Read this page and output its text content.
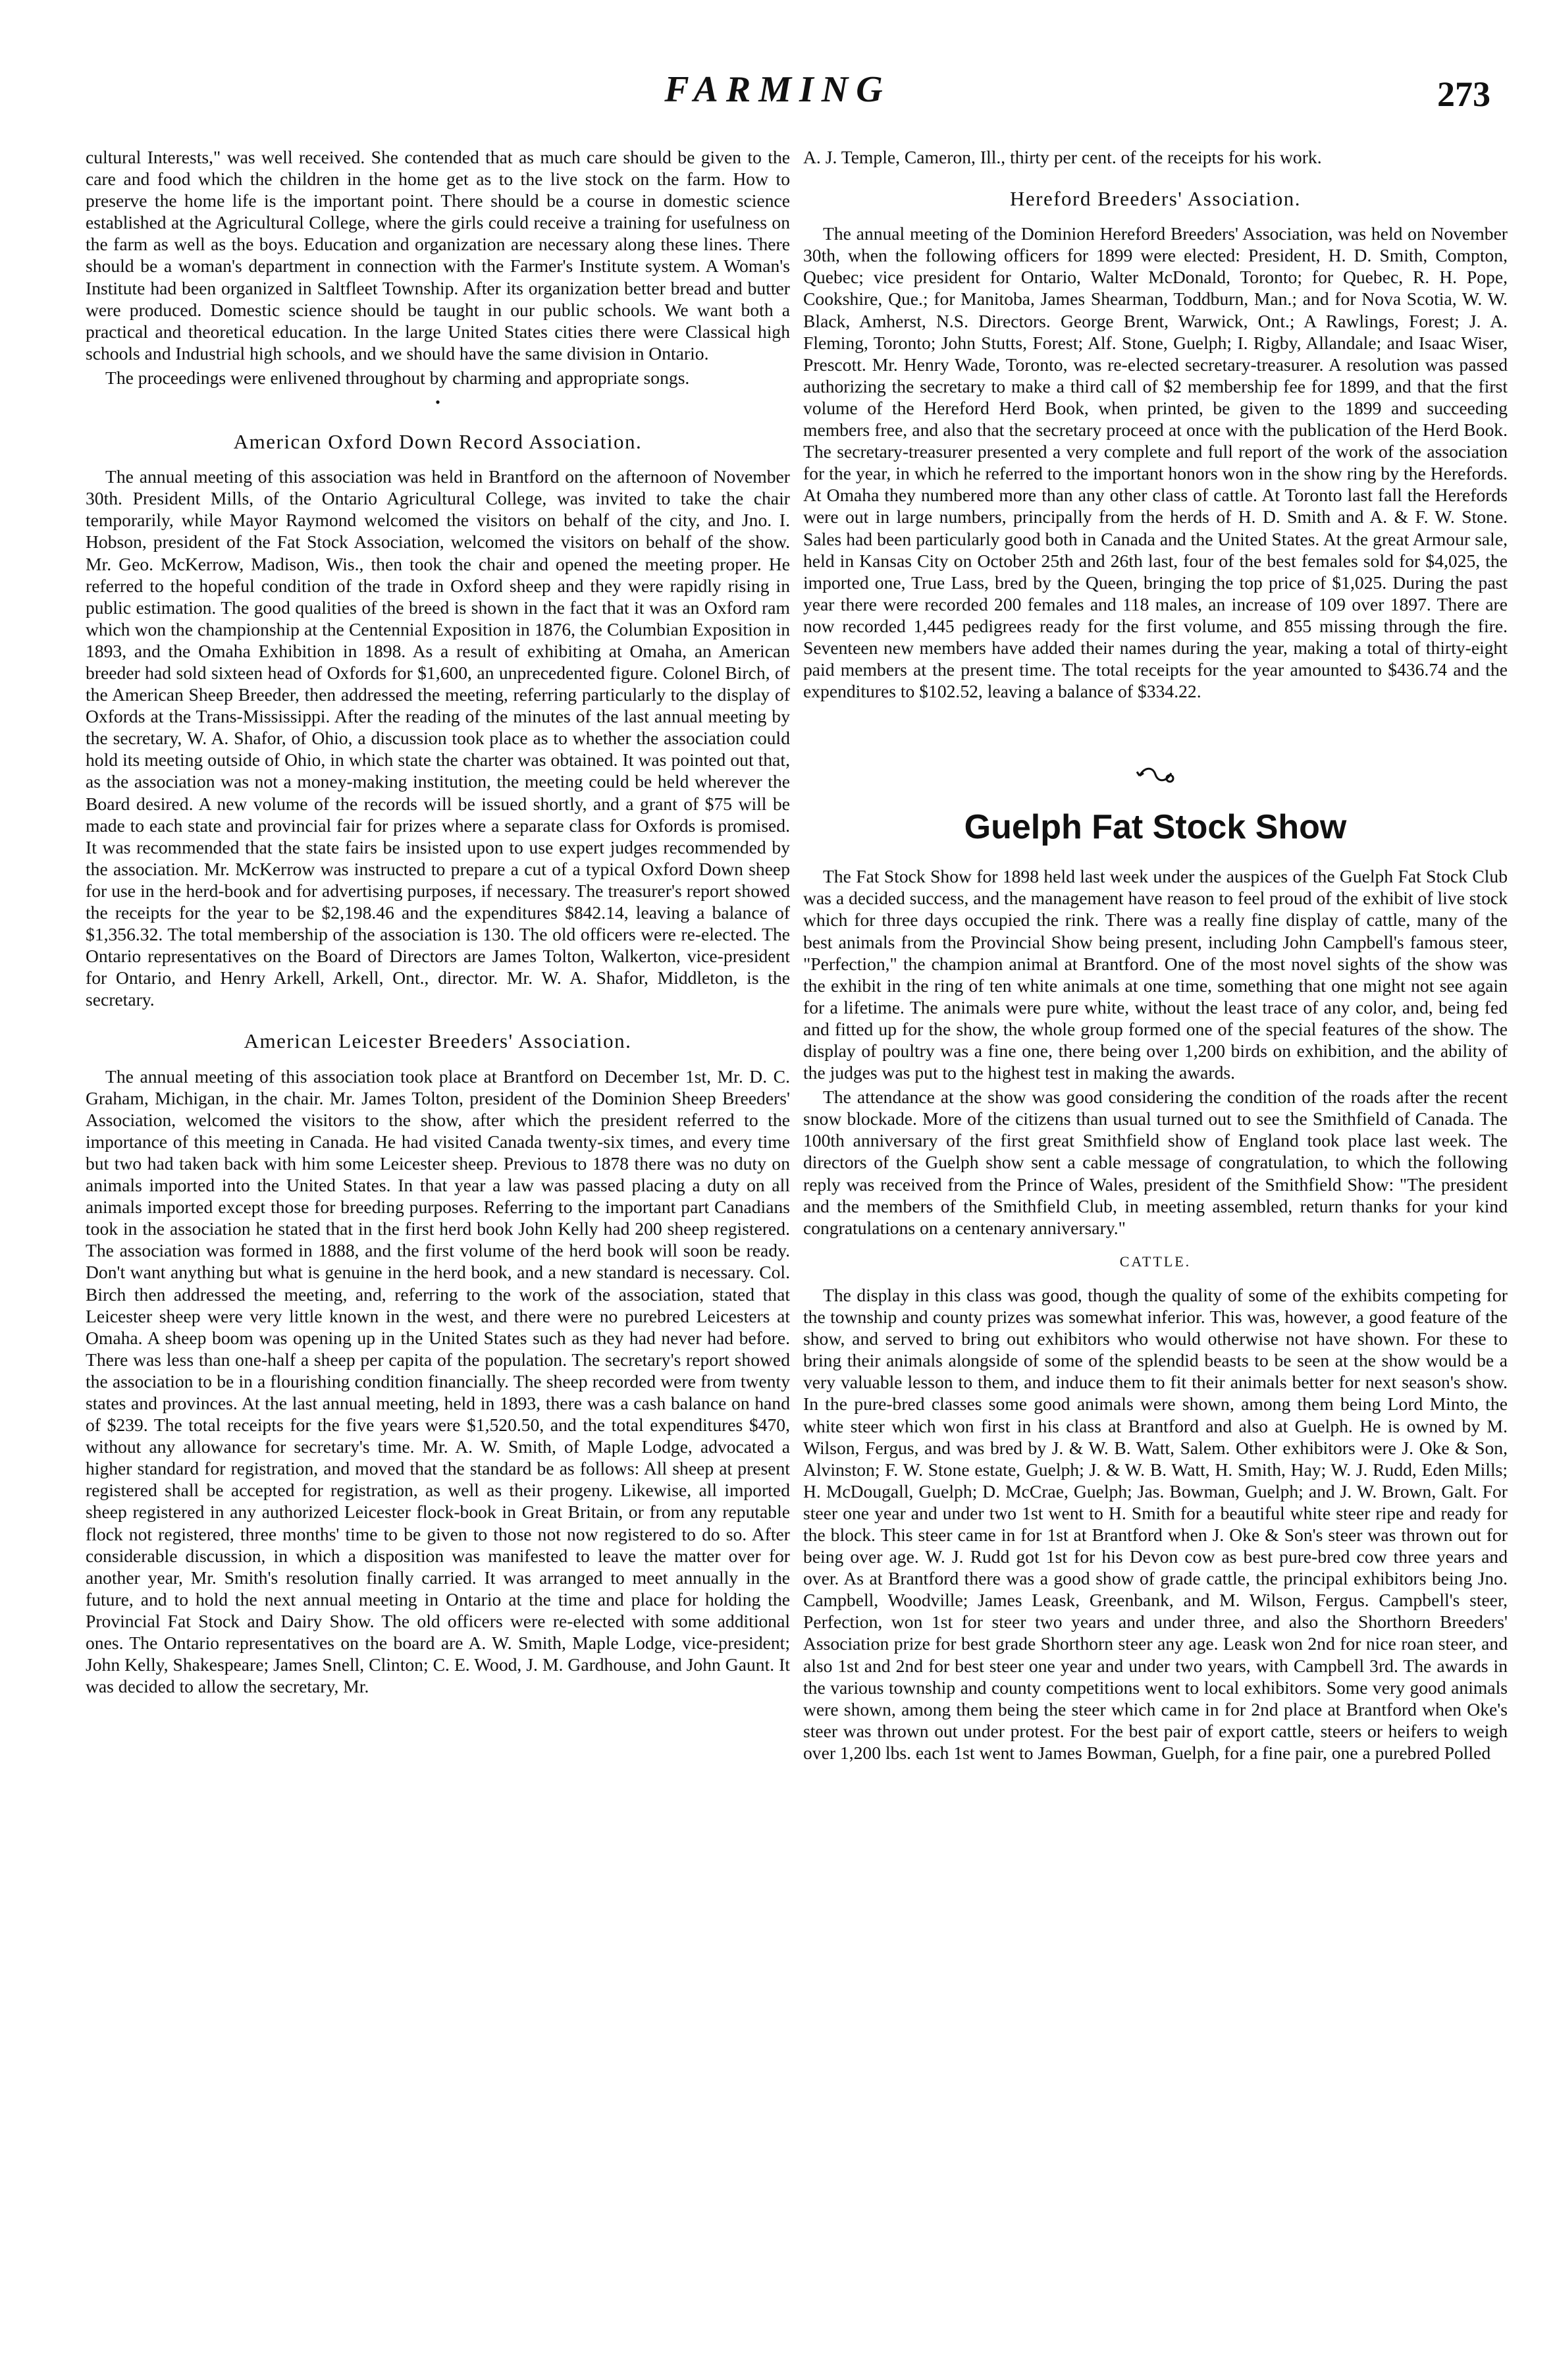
FARMING	273

cultural Interests," was well received. She contended that as much care should be given to the care and food which the children in the home get as to the live stock on the farm. How to preserve the home life is the important point. There should be a course in domestic science established at the Agricultural College, where the girls could receive a training for usefulness on the farm as well as the boys. Education and organization are necessary along these lines. There should be a woman's department in connection with the Farmer's Institute system. A Woman's Institute had been organized in Saltfleet Township. After its organization better bread and butter were produced. Domestic science should be taught in our public schools. We want both a practical and theoretical education. In the large United States cities there were Classical high schools and Industrial high schools, and we should have the same division in Ontario.

The proceedings were enlivened throughout by charming and appropriate songs.

•
American Oxford Down Record Association.

The annual meeting of this association was held in Brantford on the afternoon of November 30th. President Mills, of the Ontario Agricultural College, was invited to take the chair temporarily, while Mayor Raymond welcomed the visitors on behalf of the city, and Jno. I. Hobson, president of the Fat Stock Association, welcomed the visitors on behalf of the show. Mr. Geo. McKerrow, Madison, Wis., then took the chair and opened the meeting proper. He referred to the hopeful condition of the trade in Oxford sheep and they were rapidly rising in public estimation. The good qualities of the breed is shown in the fact that it was an Oxford ram which won the championship at the Centennial Exposition in 1876, the Columbian Exposition in 1893, and the Omaha Exhibition in 1898. As a result of exhibiting at Omaha, an American breeder had sold sixteen head of Oxfords for $1,600, an unprecedented figure. Colonel Birch, of the American Sheep Breeder, then addressed the meeting, referring particularly to the display of Oxfords at the Trans-Mississippi. After the reading of the minutes of the last annual meeting by the secretary, W. A. Shafor, of Ohio, a discussion took place as to whether the association could hold its meeting outside of Ohio, in which state the charter was obtained. It was pointed out that, as the association was not a money-making institution, the meeting could be held wherever the Board desired. A new volume of the records will be issued shortly, and a grant of $75 will be made to each state and provincial fair for prizes where a separate class for Oxfords is promised. It was recommended that the state fairs be insisted upon to use expert judges recommended by the association. Mr. McKerrow was instructed to prepare a cut of a typical Oxford Down sheep for use in the herd-book and for advertising purposes, if necessary. The treasurer's report showed the receipts for the year to be $2,198.46 and the expenditures $842.14, leaving a balance of $1,356.32. The total membership of the association is 130. The old officers were re-elected. The Ontario representatives on the Board of Directors are James Tolton, Walkerton, vice-president for Ontario, and Henry Arkell, Arkell, Ont., director. Mr. W. A. Shafor, Middleton, is the secretary.

American Leicester Breeders' Association.

The annual meeting of this association took place at Brantford on December 1st, Mr. D. C. Graham, Michigan, in the chair. Mr. James Tolton, president of the Dominion Sheep Breeders' Association, welcomed the visitors to the show, after which the president referred to the importance of this meeting in Canada. He had visited Canada twenty-six times, and every time but two had taken back with him some Leicester sheep. Previous to 1878 there was no duty on animals imported into the United States. In that year a law was passed placing a duty on all animals imported except those for breeding purposes. Referring to the important part Canadians took in the association he stated that in the first herd book John Kelly had 200 sheep registered. The association was formed in 1888, and the first volume of the herd book will soon be ready. Don't want anything but what is genuine in the herd book, and a new standard is necessary. Col. Birch then addressed the meeting, and, referring to the work of the association, stated that Leicester sheep were very little known in the west, and there were no purebred Leicesters at Omaha. A sheep boom was opening up in the United States such as they had never had before. There was less than one-half a sheep per capita of the population. The secretary's report showed the association to be in a flourishing condition financially. The sheep recorded were from twenty states and provinces. At the last annual meeting, held in 1893, there was a cash balance on hand of $239. The total receipts for the five years were $1,520.50, and the total expenditures $470, without any allowance for secretary's time. Mr. A. W. Smith, of Maple Lodge, advocated a higher standard for registration, and moved that the standard be as follows: All sheep at present registered shall be accepted for registration, as well as their progeny. Likewise, all imported sheep registered in any authorized Leicester flock-book in Great Britain, or from any reputable flock not registered, three months' time to be given to those not now registered to do so. After considerable discussion, in which a disposition was manifested to leave the matter over for another year, Mr. Smith's resolution finally carried. It was arranged to meet annually in the future, and to hold the next annual meeting in Ontario at the time and place for holding the Provincial Fat Stock and Dairy Show. The old officers were re-elected with some additional ones. The Ontario representatives on the board are A. W. Smith, Maple Lodge, vice-president; John Kelly, Shakespeare; James Snell, Clinton; C. E. Wood, J. M. Gardhouse, and John Gaunt. It was decided to allow the secretary, Mr.

A. J. Temple, Cameron, Ill., thirty per cent. of the receipts for his work.

Hereford Breeders' Association.

The annual meeting of the Dominion Hereford Breeders' Association, was held on November 30th, when the following officers for 1899 were elected: President, H. D. Smith, Compton, Quebec; vice president for Ontario, Walter McDonald, Toronto; for Quebec, R. H. Pope, Cookshire, Que.; for Manitoba, James Shearman, Toddburn, Man.; and for Nova Scotia, W. W. Black, Amherst, N.S. Directors. George Brent, Warwick, Ont.; A Rawlings, Forest; J. A. Fleming, Toronto; John Stutts, Forest; Alf. Stone, Guelph; I. Rigby, Allandale; and Isaac Wiser, Prescott. Mr. Henry Wade, Toronto, was re-elected secretary-treasurer. A resolution was passed authorizing the secretary to make a third call of $2 membership fee for 1899, and that the first volume of the Hereford Herd Book, when printed, be given to the 1899 and succeeding members free, and also that the secretary proceed at once with the publication of the Herd Book. The secretary-treasurer presented a very complete and full report of the work of the association for the year, in which he referred to the important honors won in the show ring by the Herefords. At Omaha they numbered more than any other class of cattle. At Toronto last fall the Herefords were out in large numbers, principally from the herds of H. D. Smith and A. & F. W. Stone. Sales had been particularly good both in Canada and the United States. At the great Armour sale, held in Kansas City on October 25th and 26th last, four of the best females sold for $4,025, the imported one, True Lass, bred by the Queen, bringing the top price of $1,025. During the past year there were recorded 200 females and 118 males, an increase of 109 over 1897. There are now recorded 1,445 pedigrees ready for the first volume, and 855 missing through the fire. Seventeen new members have added their names during the year, making a total of thirty-eight paid members at the present time. The total receipts for the year amounted to $436.74 and the expenditures to $102.52, leaving a balance of $334.22.

Guelph Fat Stock Show

The Fat Stock Show for 1898 held last week under the auspices of the Guelph Fat Stock Club was a decided success, and the management have reason to feel proud of the exhibit of live stock which for three days occupied the rink. There was a really fine display of cattle, many of the best animals from the Provincial Show being present, including John Campbell's famous steer, "Perfection," the champion animal at Brantford. One of the most novel sights of the show was the exhibit in the ring of ten white animals at one time, something that one might not see again for a lifetime. The animals were pure white, without the least trace of any color, and, being fed and fitted up for the show, the whole group formed one of the special features of the show. The display of poultry was a fine one, there being over 1,200 birds on exhibition, and the ability of the judges was put to the highest test in making the awards.

The attendance at the show was good considering the condition of the roads after the recent snow blockade. More of the citizens than usual turned out to see the Smithfield of Canada. The 100th anniversary of the first great Smithfield show of England took place last week. The directors of the Guelph show sent a cable message of congratulation, to which the following reply was received from the Prince of Wales, president of the Smithfield Show: "The president and the members of the Smithfield Club, in meeting assembled, return thanks for your kind congratulations on a centenary anniversary."

CATTLE.

The display in this class was good, though the quality of some of the exhibits competing for the township and county prizes was somewhat inferior. This was, however, a good feature of the show, and served to bring out exhibitors who would otherwise not have shown. For these to bring their animals alongside of some of the splendid beasts to be seen at the show would be a very valuable lesson to them, and induce them to fit their animals better for next season's show. In the pure-bred classes some good animals were shown, among them being Lord Minto, the white steer which won first in his class at Brantford and also at Guelph. He is owned by M. Wilson, Fergus, and was bred by J. & W. B. Watt, Salem. Other exhibitors were J. Oke & Son, Alvinston; F. W. Stone estate, Guelph; J. & W. B. Watt, H. Smith, Hay; W. J. Rudd, Eden Mills; H. McDougall, Guelph; D. McCrae, Guelph; Jas. Bowman, Guelph; and J. W. Brown, Galt. For steer one year and under two 1st went to H. Smith for a beautiful white steer ripe and ready for the block. This steer came in for 1st at Brantford when J. Oke & Son's steer was thrown out for being over age. W. J. Rudd got 1st for his Devon cow as best pure-bred cow three years and over. As at Brantford there was a good show of grade cattle, the principal exhibitors being Jno. Campbell, Woodville; James Leask, Greenbank, and M. Wilson, Fergus. Campbell's steer, Perfection, won 1st for steer two years and under three, and also the Shorthorn Breeders' Association prize for best grade Shorthorn steer any age. Leask won 2nd for nice roan steer, and also 1st and 2nd for best steer one year and under two years, with Campbell 3rd. The awards in the various township and county competitions went to local exhibitors. Some very good animals were shown, among them being the steer which came in for 2nd place at Brantford when Oke's steer was thrown out under protest. For the best pair of export cattle, steers or heifers to weigh over 1,200 lbs. each 1st went to James Bowman, Guelph, for a fine pair, one a purebred Polled
